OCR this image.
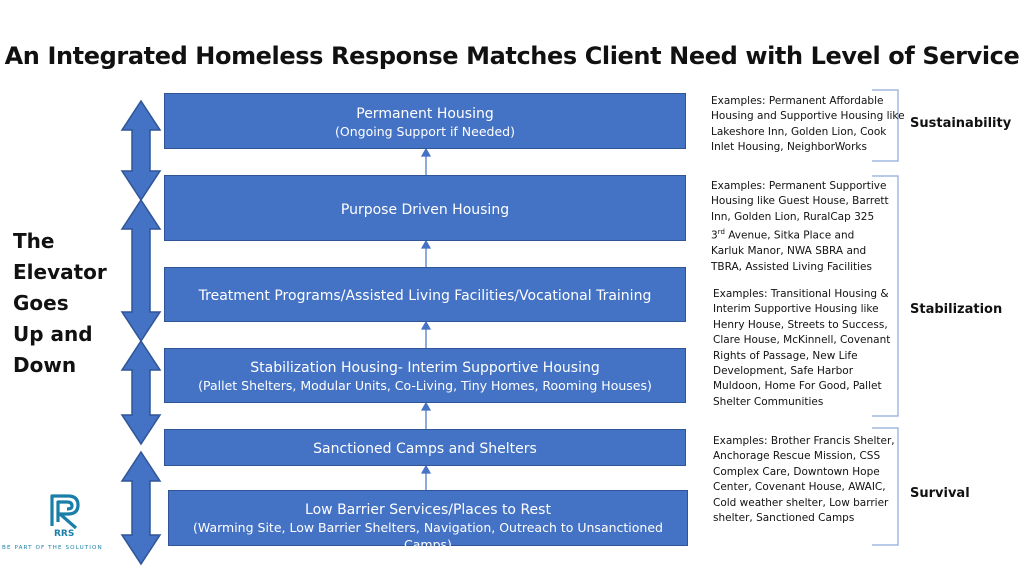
An Integrated Homeless Response Matches Client Need with Level of Service
The
Elevator
Goes
Up and
Down
Permanent Housing
(Ongoing Support if Needed)
Purpose Driven Housing
Treatment Programs/Assisted Living Facilities/Vocational Training
Stabilization Housing- Interim Supportive Housing
(Pallet Shelters, Modular Units, Co-Living, Tiny Homes, Rooming Houses)
Sanctioned Camps and Shelters
Low Barrier Services/Places to Rest
(Warming Site, Low Barrier Shelters, Navigation, Outreach to Unsanctioned Camps)
Examples: Permanent Affordable
Housing and Supportive Housing like
Lakeshore Inn, Golden Lion, Cook
Inlet Housing, NeighborWorks
Examples: Permanent Supportive
Housing like Guest House, Barrett
Inn, Golden Lion, RuralCap 325
3rd Avenue, Sitka Place and
Karluk Manor, NWA SBRA and
TBRA, Assisted Living Facilities
Examples: Transitional Housing &
Interim Supportive Housing like
Henry House, Streets to Success,
Clare House, McKinnell, Covenant
Rights of Passage, New Life
Development, Safe Harbor
Muldoon, Home For Good, Pallet
Shelter Communities
Examples: Brother Francis Shelter,
Anchorage Rescue Mission, CSS
Complex Care, Downtown Hope
Center, Covenant House, AWAIC,
Cold weather shelter, Low barrier
shelter, Sanctioned Camps
Sustainability
Stabilization
Survival
RRS
BE PART OF THE SOLUTION
